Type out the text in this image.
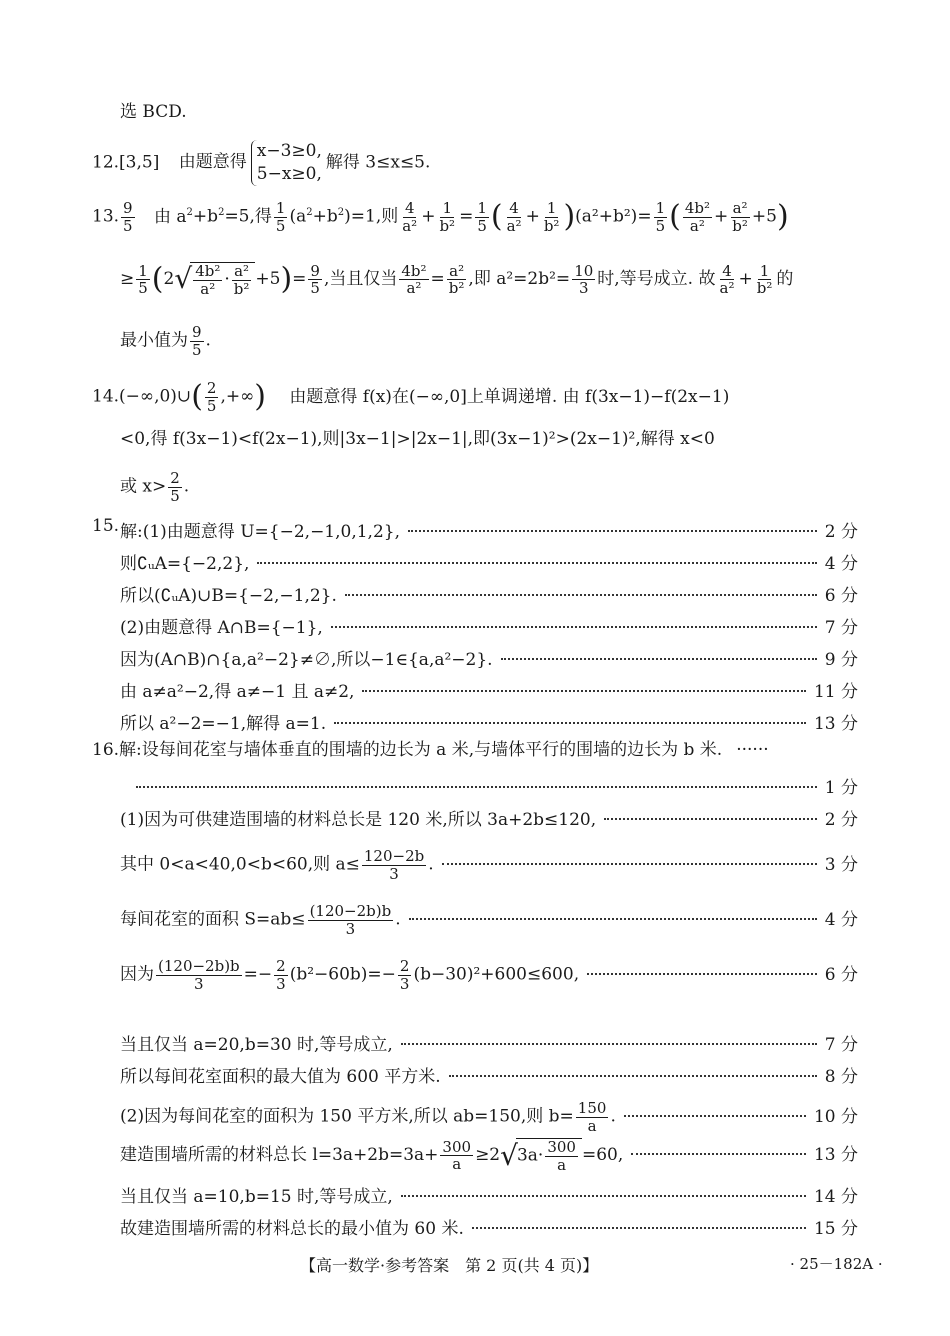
选 BCD.
12.[3,5] 由题意得
x−3≥0,
5−x≥0,
解得 3≤x≤5.
13. $\frac{9}{5}$ 由 $a^2+b^2=5$,得 $\frac{1}{5} (a^2+b^2)=1$,则 $\frac{4}{\text{a²}} + \frac{1}{\text{b²}} = \frac{1}{5}$ ( $\frac{4}{\text{a²}} + \frac{1}{\text{b²}} )(a^2+b^2)= \frac{1}{5}$ ( $\frac{\text{4b²}}{\text{a²}} + \frac{\text{a²}}{\text{b²}} +5$)
≥ $\frac{1}{5} (2√ \frac{\text{4b²}}{\text{a²}} \cdot \frac{\text{a²}}{\text{b²}} +5)= \frac{9}{5}$ ,当且仅当 $\frac{\text{4b²}}{\text{a²}} = \frac{\text{a²}}{\text{b²}}$ ,即 $a^2=2b^2= \frac{10}{3}$ 时,等号成立. 故 $\frac{4}{\text{a²}} + \frac{1}{\text{b²}}$ 的
最小值为 $\frac{9}{5}$ .
14.(−∞,0)∪( $\frac{2}{5}$ ,+∞) 由题意得 f(x)在(−∞,0]上单调递增. 由 f(3x−1)−f(2x−1)
<0,得 f(3x−1)<f(2x−1),则|3x−1|>|2x−1|,即(3x−1)²>(2x−1)²,解得 x<0
或 $x> \frac{2}{5}$ .
15. 解:(1)由题意得 U={−2,−1,0,1,2},	2 分
则∁ᵤA={−2,2},	4 分
所以(∁ᵤA)∪B={−2,−1,2}.	6 分
(2)由题意得 A∩B={−1},	7 分
因为(A∩B)∩{a,a²−2}≠∅,所以−1∈{a,a²−2}.	9 分
由 a≠a²−2,得 a≠−1 且 a≠2,	11 分
所以 a²−2=−1,解得 a=1.	13 分
16.解:设每间花室与墙体垂直的围墙的边长为 a 米,与墙体平行的围墙的边长为 b 米. ······
1 分
(1)因为可供建造围墙的材料总长是 120 米,所以 3a+2b≤120,	2 分
其中 0<a<40,0<b<60,则 $a\le \frac{120-2b}{3}$ .	3 分
每间花室的面积 $S=ab\le \frac{(120-2b)b}{3}$ .	4 分
因为 $\frac{(120-2b)b}{3} =- \frac{2}{3} (b^2-60b)=- \frac{2}{3} (b-30)^2+600\le 600$,	6 分
当且仅当 a=20,b=30 时,等号成立,	7 分
所以每间花室面积的最大值为 600 平方米.	8 分
(2)因为每间花室的面积为 150 平方米,所以 ab=150,则 $b= \frac{150}{a}$ .	10 分
建造围墙所需的材料总长 $l=3a+2b=3a+ \frac{300}{a} \ge 2√3a\cdot \frac{300}{a} =60$,	13 分
当且仅当 a=10,b=15 时,等号成立,	14 分
故建造围墙所需的材料总长的最小值为 60 米.	15 分
【高一数学·参考答案　第 2 页(共 4 页)】	· 25－182A ·
